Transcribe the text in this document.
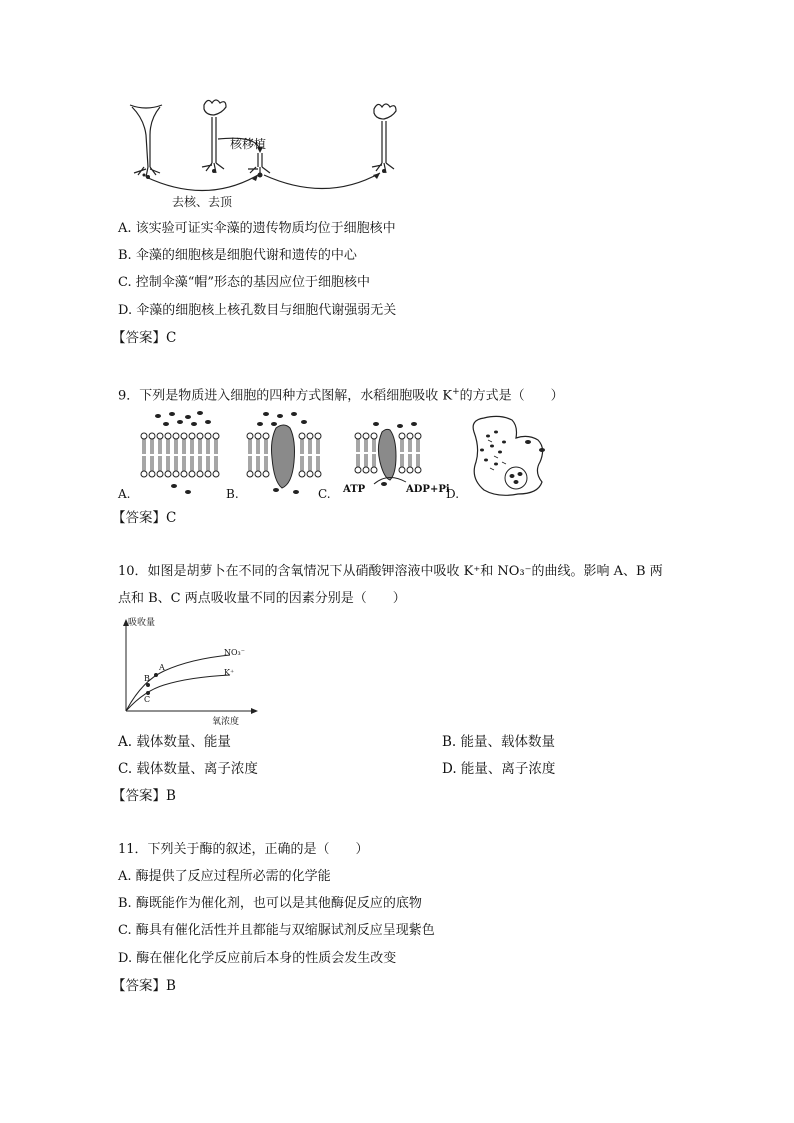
核移植
去核、去顶
A. 该实验可证实伞藻的遗传物质均位于细胞核中
B. 伞藻的细胞核是细胞代谢和遗传的中心
C. 控制伞藻“帽”形态的基因应位于细胞核中
D. 伞藻的细胞核上核孔数目与细胞代谢强弱无关
【答案】C
9．下列是物质进入细胞的四种方式图解，水稻细胞吸收 K+的方式是（　　）
A.	B.	C. ATP	ADP+Pi
D.
【答案】C
10．如图是胡萝卜在不同的含氧情况下从硝酸钾溶液中吸收 K⁺和 NO₃⁻的曲线。影响 A、B 两
点和 B、C 两点吸收量不同的因素分别是（　　）
吸收量
氧浓度
NO₃⁻
K⁺
A
B
C
A. 载体数量、能量	B. 能量、载体数量
C. 载体数量、离子浓度	D. 能量、离子浓度
【答案】B
11．下列关于酶的叙述，正确的是（　　）
A. 酶提供了反应过程所必需的化学能
B. 酶既能作为催化剂，也可以是其他酶促反应的底物
C. 酶具有催化活性并且都能与双缩脲试剂反应呈现紫色
D. 酶在催化化学反应前后本身的性质会发生改变
【答案】B
